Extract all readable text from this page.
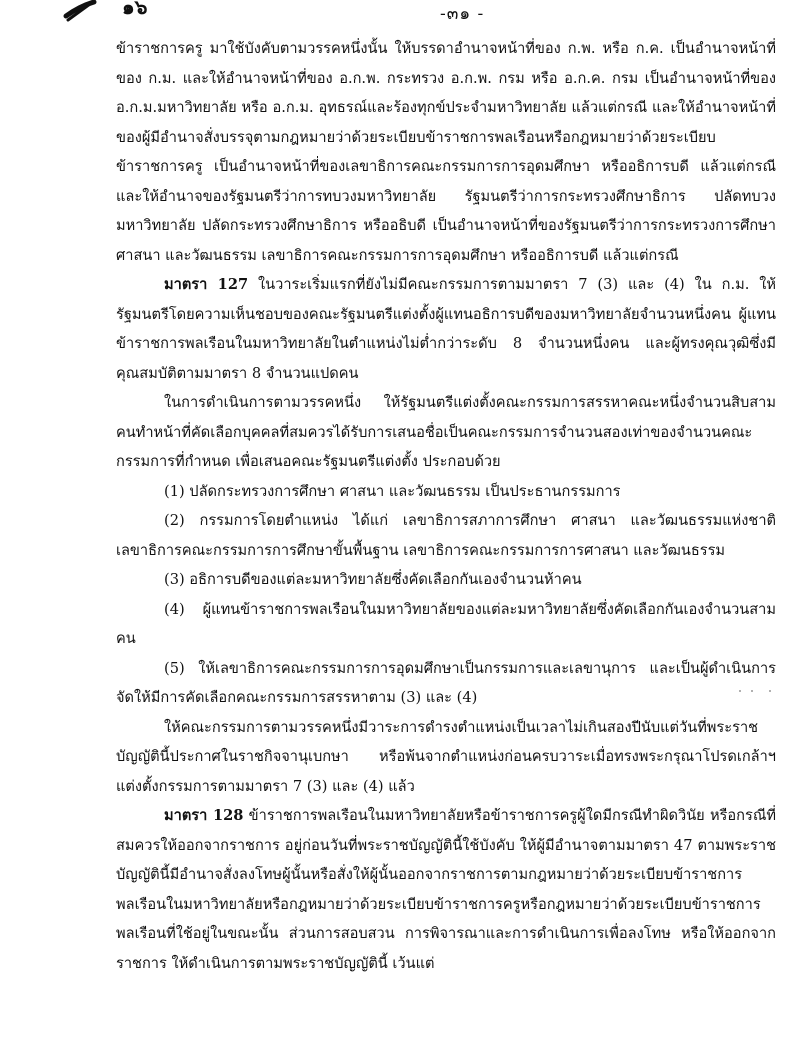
๑๖	-๓๑ -

ข้าราชการครู มาใช้บังคับตามวรรคหนึ่งนั้น ให้บรรดาอำนาจหน้าที่ของ ก.พ. หรือ ก.ค. เป็นอำนาจหน้าที่ของ ก.ม. และให้อำนาจหน้าที่ของ อ.ก.พ. กระทรวง อ.ก.พ. กรม หรือ อ.ก.ค. กรม เป็นอำนาจหน้าที่ของ อ.ก.ม.มหาวิทยาลัย หรือ อ.ก.ม. อุทธรณ์และร้องทุกข์ประจำมหาวิทยาลัย แล้วแต่กรณี และให้อำนาจหน้าที่ของผู้มีอำนาจสั่งบรรจุตามกฎหมายว่าด้วยระเบียบข้าราชการพลเรือนหรือกฎหมายว่าด้วยระเบียบข้าราชการครู เป็นอำนาจหน้าที่ของเลขาธิการคณะกรรมการการอุดมศึกษา หรืออธิการบดี แล้วแต่กรณี และให้อำนาจของรัฐมนตรีว่าการทบวงมหาวิทยาลัย รัฐมนตรีว่าการกระทรวงศึกษาธิการ ปลัดทบวงมหาวิทยาลัย ปลัดกระทรวงศึกษาธิการ หรืออธิบดี เป็นอำนาจหน้าที่ของรัฐมนตรีว่าการกระทรวงการศึกษา ศาสนา และวัฒนธรรม เลขาธิการคณะกรรมการการอุดมศึกษา หรืออธิการบดี แล้วแต่กรณี

มาตรา 127 ในวาระเริ่มแรกที่ยังไม่มีคณะกรรมการตามมาตรา 7 (3) และ (4) ใน ก.ม. ให้รัฐมนตรีโดยความเห็นชอบของคณะรัฐมนตรีแต่งตั้งผู้แทนอธิการบดีของมหาวิทยาลัยจำนวนหนึ่งคน ผู้แทนข้าราชการพลเรือนในมหาวิทยาลัยในตำแหน่งไม่ต่ำกว่าระดับ 8 จำนวนหนึ่งคน และผู้ทรงคุณวุฒิซึ่งมีคุณสมบัติตามมาตรา 8 จำนวนแปดคน

ในการดำเนินการตามวรรคหนึ่ง ให้รัฐมนตรีแต่งตั้งคณะกรรมการสรรหาคณะหนึ่งจำนวนสิบสามคนทำหน้าที่คัดเลือกบุคคลที่สมควรได้รับการเสนอชื่อเป็นคณะกรรมการจำนวนสองเท่าของจำนวนคณะกรรมการที่กำหนด เพื่อเสนอคณะรัฐมนตรีแต่งตั้ง ประกอบด้วย

(1) ปลัดกระทรวงการศึกษา ศาสนา และวัฒนธรรม เป็นประธานกรรมการ

(2) กรรมการโดยตำแหน่ง ได้แก่ เลขาธิการสภาการศึกษา ศาสนา และวัฒนธรรมแห่งชาติ เลขาธิการคณะกรรมการการศึกษาขั้นพื้นฐาน เลขาธิการคณะกรรมการการศาสนา และวัฒนธรรม

(3) อธิการบดีของแต่ละมหาวิทยาลัยซึ่งคัดเลือกกันเองจำนวนห้าคน

(4) ผู้แทนข้าราชการพลเรือนในมหาวิทยาลัยของแต่ละมหาวิทยาลัยซึ่งคัดเลือกกันเองจำนวนสามคน

(5) ให้เลขาธิการคณะกรรมการการอุดมศึกษาเป็นกรรมการและเลขานุการ และเป็นผู้ดำเนินการจัดให้มีการคัดเลือกคณะกรรมการสรรหาตาม (3) และ (4)

ให้คณะกรรมการตามวรรคหนึ่งมีวาระการดำรงตำแหน่งเป็นเวลาไม่เกินสองปีนับแต่วันที่พระราชบัญญัตินี้ประกาศในราชกิจจานุเบกษา หรือพ้นจากตำแหน่งก่อนครบวาระเมื่อทรงพระกรุณาโปรดเกล้าฯ แต่งตั้งกรรมการตามมาตรา 7 (3) และ (4) แล้ว

มาตรา 128 ข้าราชการพลเรือนในมหาวิทยาลัยหรือข้าราชการครูผู้ใดมีกรณีทำผิดวินัย หรือกรณีที่สมควรให้ออกจากราชการ อยู่ก่อนวันที่พระราชบัญญัตินี้ใช้บังคับ ให้ผู้มีอำนาจตามมาตรา 47 ตามพระราชบัญญัตินี้มีอำนาจสั่งลงโทษผู้นั้นหรือสั่งให้ผู้นั้นออกจากราชการตามกฎหมายว่าด้วยระเบียบข้าราชการพลเรือนในมหาวิทยาลัยหรือกฎหมายว่าด้วยระเบียบข้าราชการครูหรือกฎหมายว่าด้วยระเบียบข้าราชการพลเรือนที่ใช้อยู่ในขณะนั้น ส่วนการสอบสวน การพิจารณาและการดำเนินการเพื่อลงโทษ หรือให้ออกจากราชการ ให้ดำเนินการตามพระราชบัญญัตินี้ เว้นแต่
